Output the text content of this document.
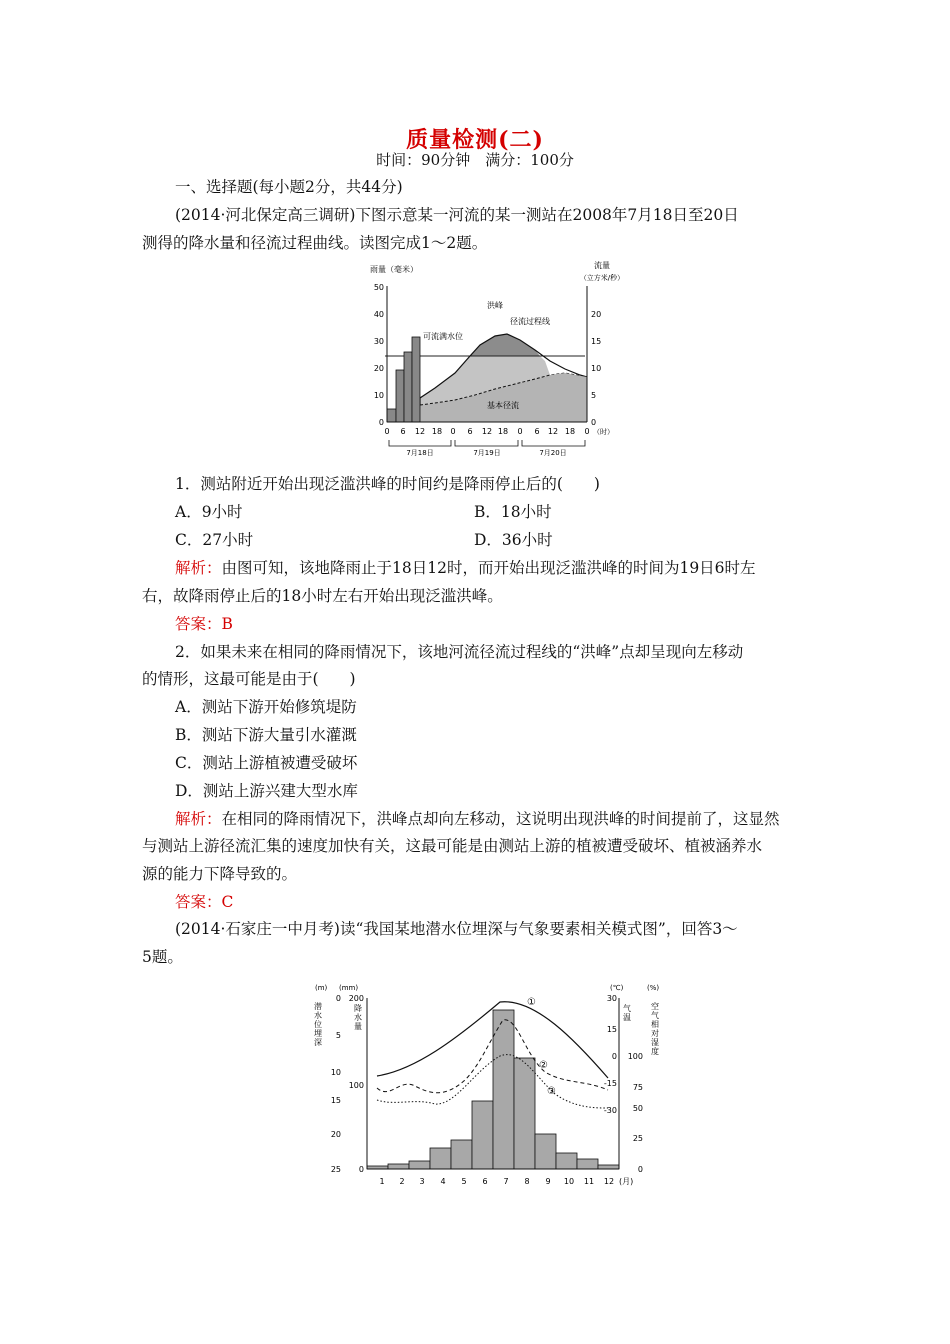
质量检测(二)
时间：90分钟　满分：100分
一、选择题(每小题2分，共44分)
(2014·河北保定高三调研)下图示意某一河流的某一测站在2008年7月18日至20日
测得的降水量和径流过程曲线。读图完成1～2题。
雨量（毫米）	流量
（立方米/秒）
0
10
20
30
40
50
0
5
10
15
20
洪峰
径流过程线
可流满水位
基本径流
0 6 12 18 0 6 12 18 0 6 12 18 0 （时）
7月18日	7月19日	7月20日
1．测站附近开始出现泛滥洪峰的时间约是降雨停止后的(　　)
A．9小时	B．18小时
C．27小时	D．36小时
解析：由图可知，该地降雨止于18日12时，而开始出现泛滥洪峰的时间为19日6时左
右，故降雨停止后的18小时左右开始出现泛滥洪峰。
答案：B
2．如果未来在相同的降雨情况下，该地河流径流过程线的“洪峰”点却呈现向左移动
的情形，这最可能是由于(　　)
A．测站下游开始修筑堤防
B．测站下游大量引水灌溉
C．测站上游植被遭受破坏
D．测站上游兴建大型水库
解析：在相同的降雨情况下，洪峰点却向左移动，这说明出现洪峰的时间提前了，这显然
与测站上游径流汇集的速度加快有关，这最可能是由测站上游的植被遭受破坏、植被涵养水
源的能力下降导致的。
答案：C
(2014·石家庄一中月考)读“我国某地潜水位埋深与气象要素相关模式图”，回答3～
5题。
(m) (mm)	(℃)	(%)
潜水位埋深	降水量	气温 空气相对湿度
0
5
10
15
20
25
200
100
0
30
15
0
-15
-30
100
75
50
25
0
①
②
③
1 2 3 4 5 6 7 8 9 10 11 12 (月)
